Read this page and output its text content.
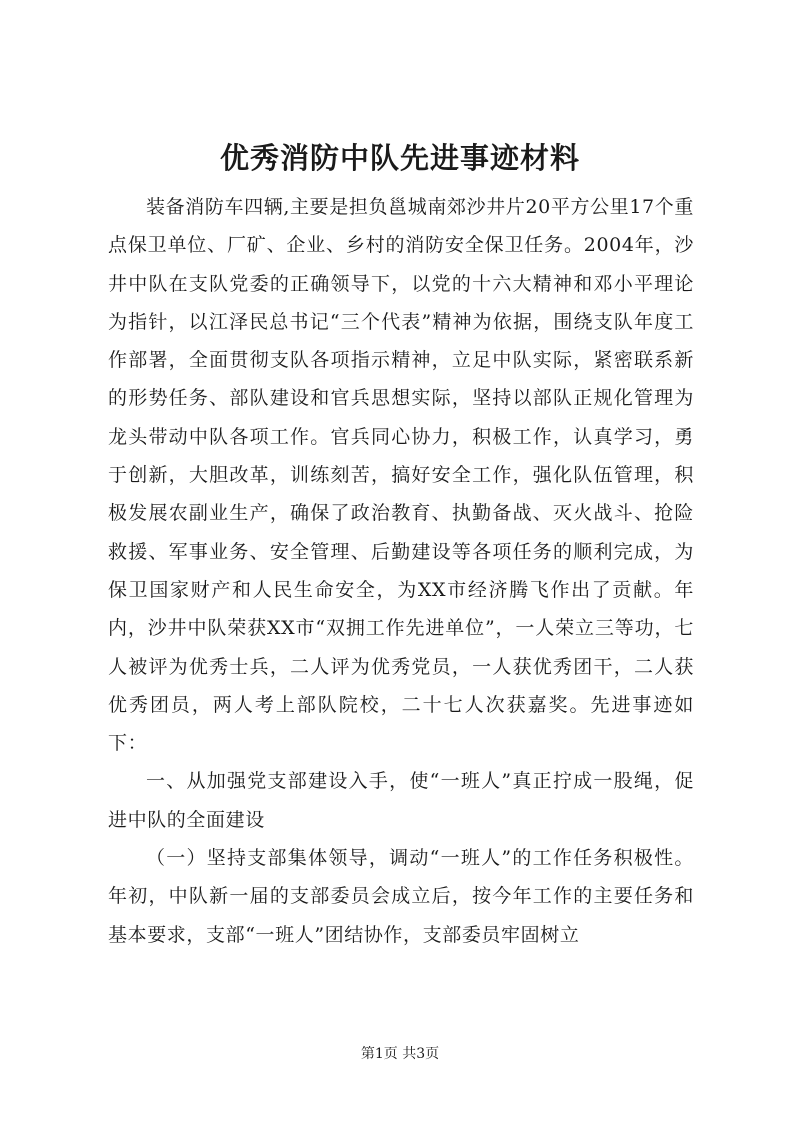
优秀消防中队先进事迹材料

装备消防车四辆,主要是担负邕城南郊沙井片20平方公里17个重点保卫单位、厂矿、企业、乡村的消防安全保卫任务。2004年，沙井中队在支队党委的正确领导下，以党的十六大精神和邓小平理论为指针，以江泽民总书记“三个代表”精神为依据，围绕支队年度工作部署，全面贯彻支队各项指示精神，立足中队实际，紧密联系新的形势任务、部队建设和官兵思想实际，坚持以部队正规化管理为龙头带动中队各项工作。官兵同心协力，积极工作，认真学习，勇于创新，大胆改革，训练刻苦，搞好安全工作，强化队伍管理，积极发展农副业生产，确保了政治教育、执勤备战、灭火战斗、抢险救援、军事业务、安全管理、后勤建设等各项任务的顺利完成，为保卫国家财产和人民生命安全，为XX市经济腾飞作出了贡献。年内，沙井中队荣获XX市“双拥工作先进单位”，一人荣立三等功，七人被评为优秀士兵，二人评为优秀党员，一人获优秀团干，二人获优秀团员，两人考上部队院校，二十七人次获嘉奖。先进事迹如下：

一、从加强党支部建设入手，使“一班人”真正拧成一股绳，促进中队的全面建设

（一）坚持支部集体领导，调动“一班人”的工作任务积极性。年初，中队新一届的支部委员会成立后，按今年工作的主要任务和基本要求，支部“一班人”团结协作，支部委员牢固树立

第1页 共3页
